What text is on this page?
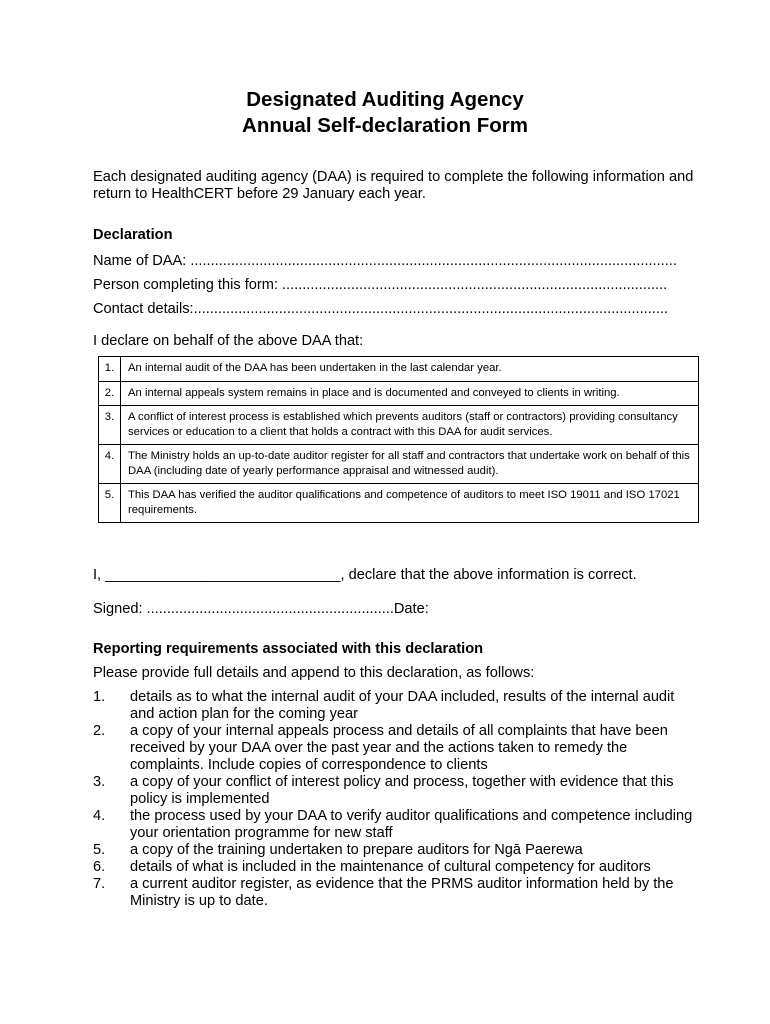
Designated Auditing Agency
Annual Self-declaration Form
Each designated auditing agency (DAA) is required to complete the following information and return to HealthCERT before 29 January each year.
Declaration
Name of DAA: ........................................................................................................................
Person completing this form: ...............................................................................................
Contact details:.....................................................................................................................
I declare on behalf of the above DAA that:
1.	An internal audit of the DAA has been undertaken in the last calendar year.
2.	An internal appeals system remains in place and is documented and conveyed to clients in writing.
3.	A conflict of interest process is established which prevents auditors (staff or contractors) providing consultancy services or education to a client that holds a contract with this DAA for audit services.
4.	The Ministry holds an up-to-date auditor register for all staff and contractors that undertake work on behalf of this DAA (including date of yearly performance appraisal and witnessed audit).
5.	This DAA has verified the auditor qualifications and competence of auditors to meet ISO 19011 and ISO 17021 requirements.
I, _____________________________, declare that the above information is correct.
Signed: .............................................................Date:
Reporting requirements associated with this declaration
Please provide full details and append to this declaration, as follows:
1. details as to what the internal audit of your DAA included, results of the internal audit and action plan for the coming year
2. a copy of your internal appeals process and details of all complaints that have been received by your DAA over the past year and the actions taken to remedy the complaints. Include copies of correspondence to clients
3. a copy of your conflict of interest policy and process, together with evidence that this policy is implemented
4. the process used by your DAA to verify auditor qualifications and competence including your orientation programme for new staff
5. a copy of the training undertaken to prepare auditors for Ngā Paerewa
6. details of what is included in the maintenance of cultural competency for auditors
7. a current auditor register, as evidence that the PRMS auditor information held by the Ministry is up to date.
